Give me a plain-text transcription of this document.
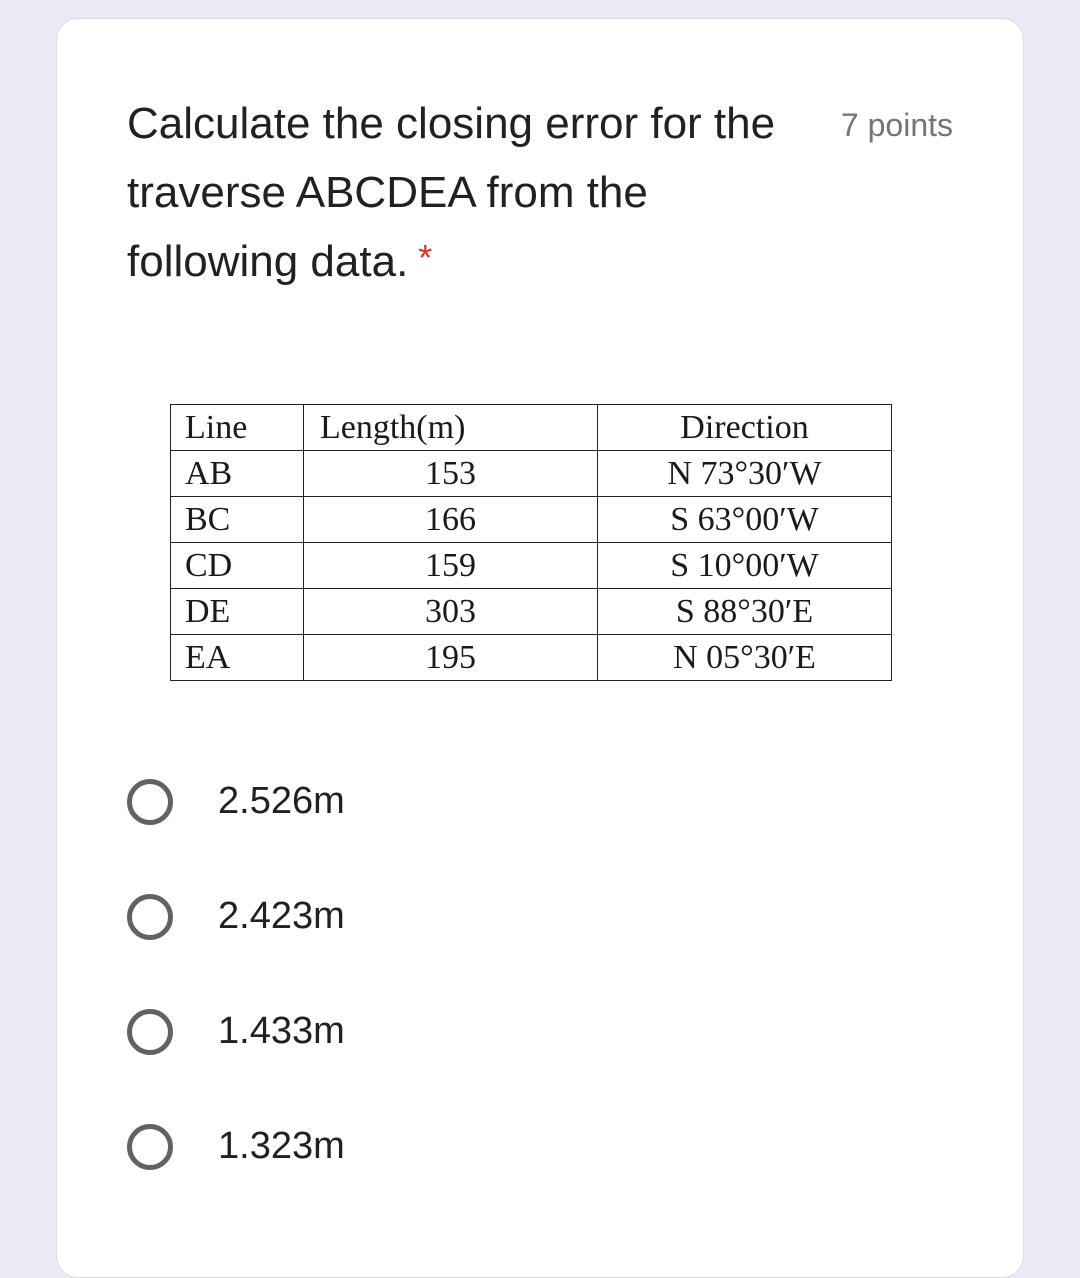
Calculate the closing error for the traverse ABCDEA from the following data. *
7 points
Line	Length(m)	Direction
AB	153	N 73°30′W
BC	166	S 63°00′W
CD	159	S 10°00′W
DE	303	S 88°30′E
EA	195	N 05°30′E
2.526m
2.423m
1.433m
1.323m
